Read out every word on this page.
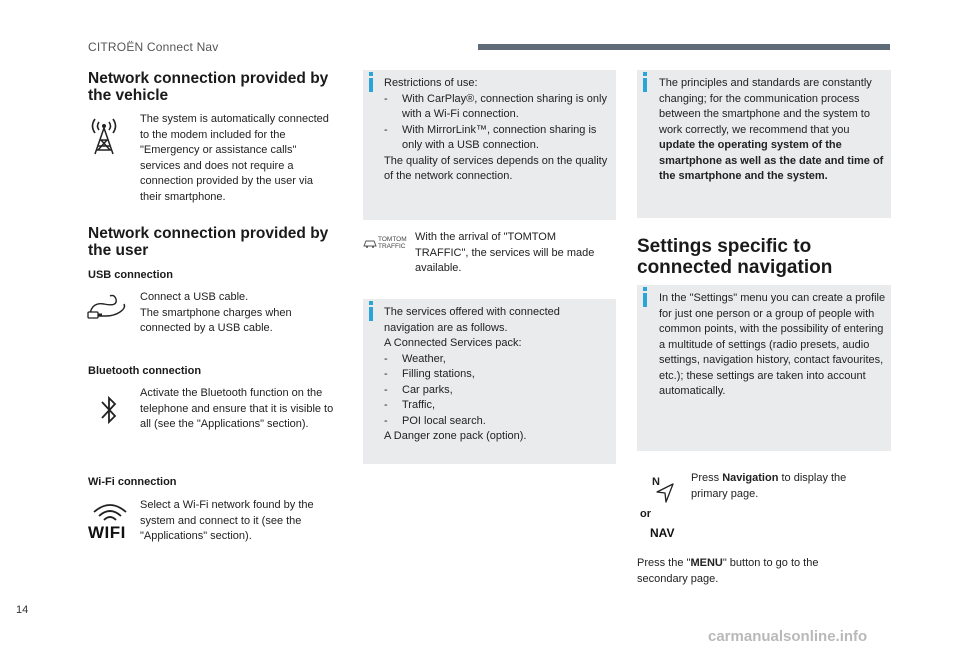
CITROËN Connect Nav
Network connection provided by the vehicle
The system is automatically connected to the modem included for the "Emergency or assistance calls" services and does not require a connection provided by the user via their smartphone.
Network connection provided by the user
USB connection
Connect a USB cable.
The smartphone charges when connected by a USB cable.
Bluetooth connection
Activate the Bluetooth function on the telephone and ensure that it is visible to all (see the "Applications" section).
Wi-Fi connection
WIFI
Select a Wi-Fi network found by the system and connect to it (see the "Applications" section).
Restrictions of use:
- With CarPlay®, connection sharing is only with a Wi-Fi connection.
- With MirrorLink™, connection sharing is only with a USB connection.
The quality of services depends on the quality of the network connection.
TOMTOM TRAFFIC
With the arrival of "TOMTOM TRAFFIC", the services will be made available.
The services offered with connected navigation are as follows.
A Connected Services pack:
- Weather,
- Filling stations,
- Car parks,
- Traffic,
- POI local search.
A Danger zone pack (option).
The principles and standards are constantly changing; for the communication process between the smartphone and the system to work correctly, we recommend that you update the operating system of the smartphone as well as the date and time of the smartphone and the system.
Settings specific to connected navigation
In the "Settings" menu you can create a profile for just one person or a group of people with common points, with the possibility of entering a multitude of settings (radio presets, audio settings, navigation history, contact favourites, etc.); these settings are taken into account automatically.
N
or
NAV
Press Navigation to display the primary page.
Press the "MENU" button to go to the secondary page.
14
carmanualsonline.info
